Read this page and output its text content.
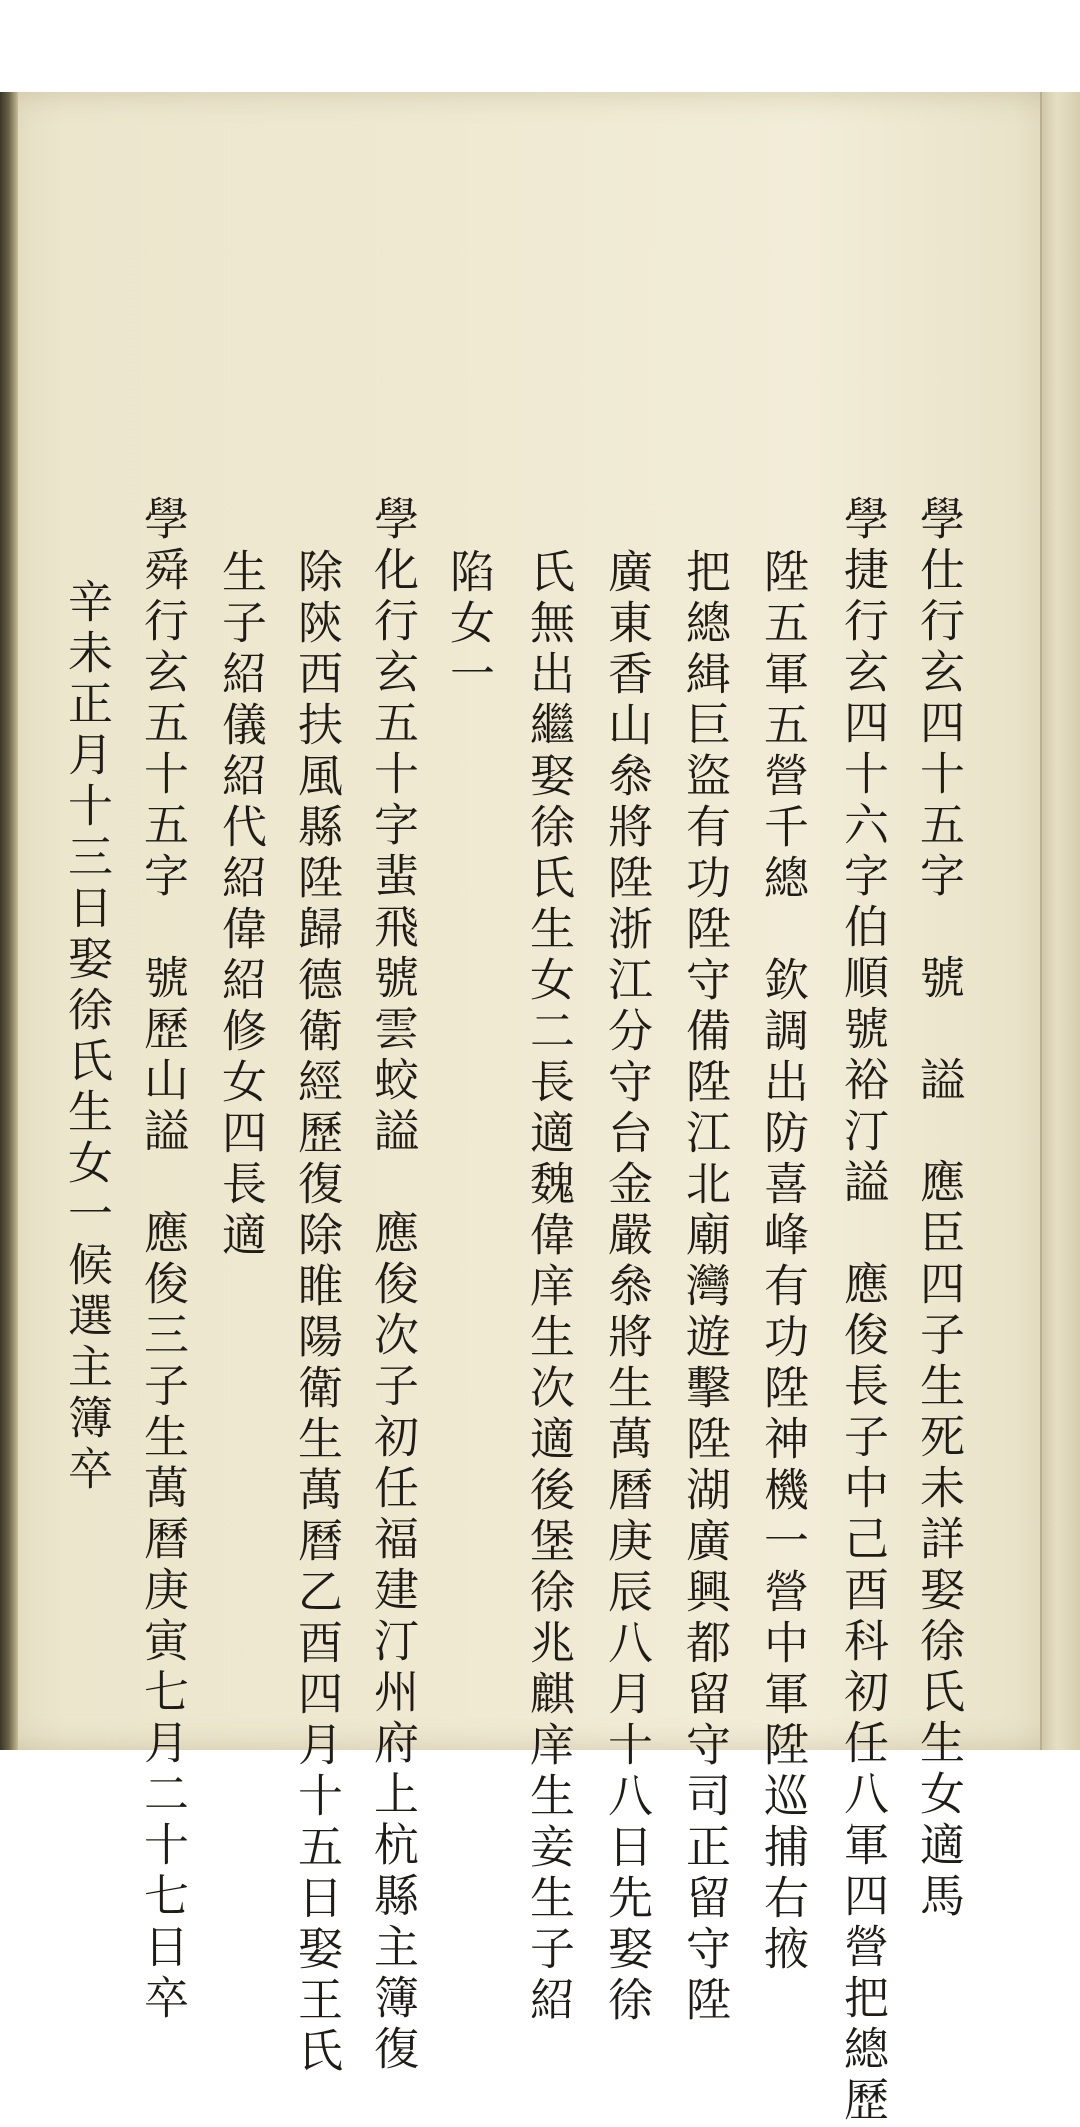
學仕行玄四十五字　號　謚　應臣四子生死未詳娶徐氏生女適馬
學捷行玄四十六字伯順號裕汀謚　應俊長子中己酉科初任八軍四營把總歷
陞五軍五營千總　欽調出防喜峰有功陞神機一營中軍陞巡捕右掖
把總緝巨盜有功陞守備陞江北廟灣遊擊陞湖廣興都留守司正留守陞
廣東香山叅將陞浙江分守台金嚴叅將生萬曆庚辰八月十八日先娶徐
氏無出繼娶徐氏生女二長適魏偉庠生次適後堡徐兆麒庠生妾生子紹
陷女一
學化行玄五十字蜚飛號雲蛟謚　應俊次子初任福建汀州府上杭縣主簿復
除陝西扶風縣陞歸德衛經歷復除睢陽衛生萬曆乙酉四月十五日娶王氏
生子紹儀紹代紹偉紹修女四長適
學舜行玄五十五字　號歷山謚　應俊三子生萬曆庚寅七月二十七日卒
辛未正月十三日娶徐氏生女一候選主簿卒
